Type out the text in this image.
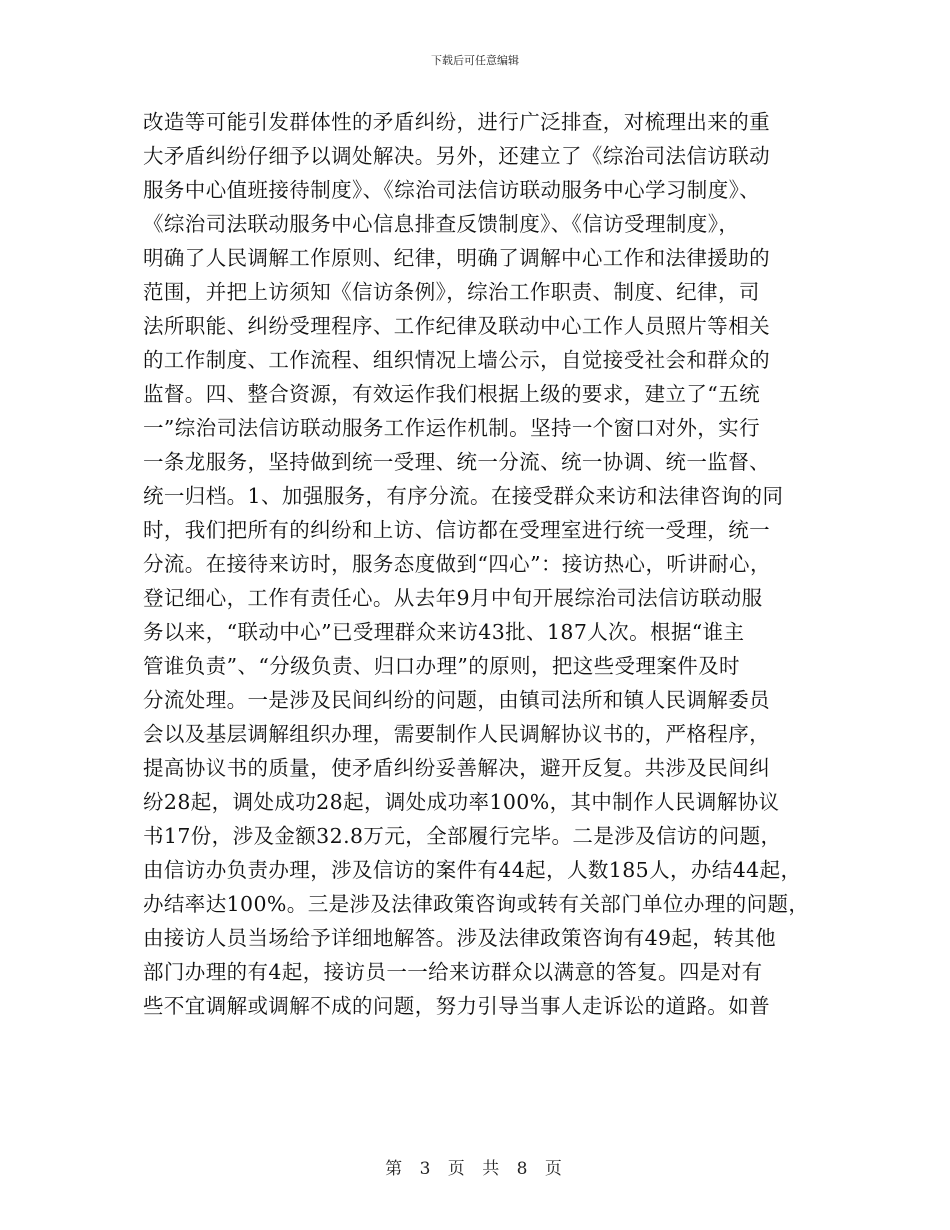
下载后可任意编辑
改造等可能引发群体性的矛盾纠纷，进行广泛排查，对梳理出来的重
大矛盾纠纷仔细予以调处解决。另外，还建立了《综治司法信访联动
服务中心值班接待制度》、《综治司法信访联动服务中心学习制度》、
《综治司法联动服务中心信息排查反馈制度》、《信访受理制度》，
明确了人民调解工作原则、纪律，明确了调解中心工作和法律援助的
范围，并把上访须知《信访条例》，综治工作职责、制度、纪律，司
法所职能、纠纷受理程序、工作纪律及联动中心工作人员照片等相关
的工作制度、工作流程、组织情况上墙公示，自觉接受社会和群众的
监督。四、整合资源，有效运作我们根据上级的要求，建立了“五统
一”综治司法信访联动服务工作运作机制。坚持一个窗口对外，实行
一条龙服务，坚持做到统一受理、统一分流、统一协调、统一监督、
统一归档。1、加强服务，有序分流。在接受群众来访和法律咨询的同
时，我们把所有的纠纷和上访、信访都在受理室进行统一受理，统一
分流。在接待来访时，服务态度做到“四心”：接访热心，听讲耐心，
登记细心，工作有责任心。从去年9月中旬开展综治司法信访联动服
务以来，“联动中心”已受理群众来访43批、187人次。根据“谁主
管谁负责”、“分级负责、归口办理”的原则，把这些受理案件及时
分流处理。一是涉及民间纠纷的问题，由镇司法所和镇人民调解委员
会以及基层调解组织办理，需要制作人民调解协议书的，严格程序，
提高协议书的质量，使矛盾纠纷妥善解决，避开反复。共涉及民间纠
纷28起，调处成功28起，调处成功率100%，其中制作人民调解协议
书17份，涉及金额32.8万元，全部履行完毕。二是涉及信访的问题，
由信访办负责办理，涉及信访的案件有44起，人数185人，办结44起，
办结率达100%。三是涉及法律政策咨询或转有关部门单位办理的问题，
由接访人员当场给予详细地解答。涉及法律政策咨询有49起，转其他
部门办理的有4起，接访员一一给来访群众以满意的答复。四是对有
些不宜调解或调解不成的问题，努力引导当事人走诉讼的道路。如普
第 3 页 共 8 页
